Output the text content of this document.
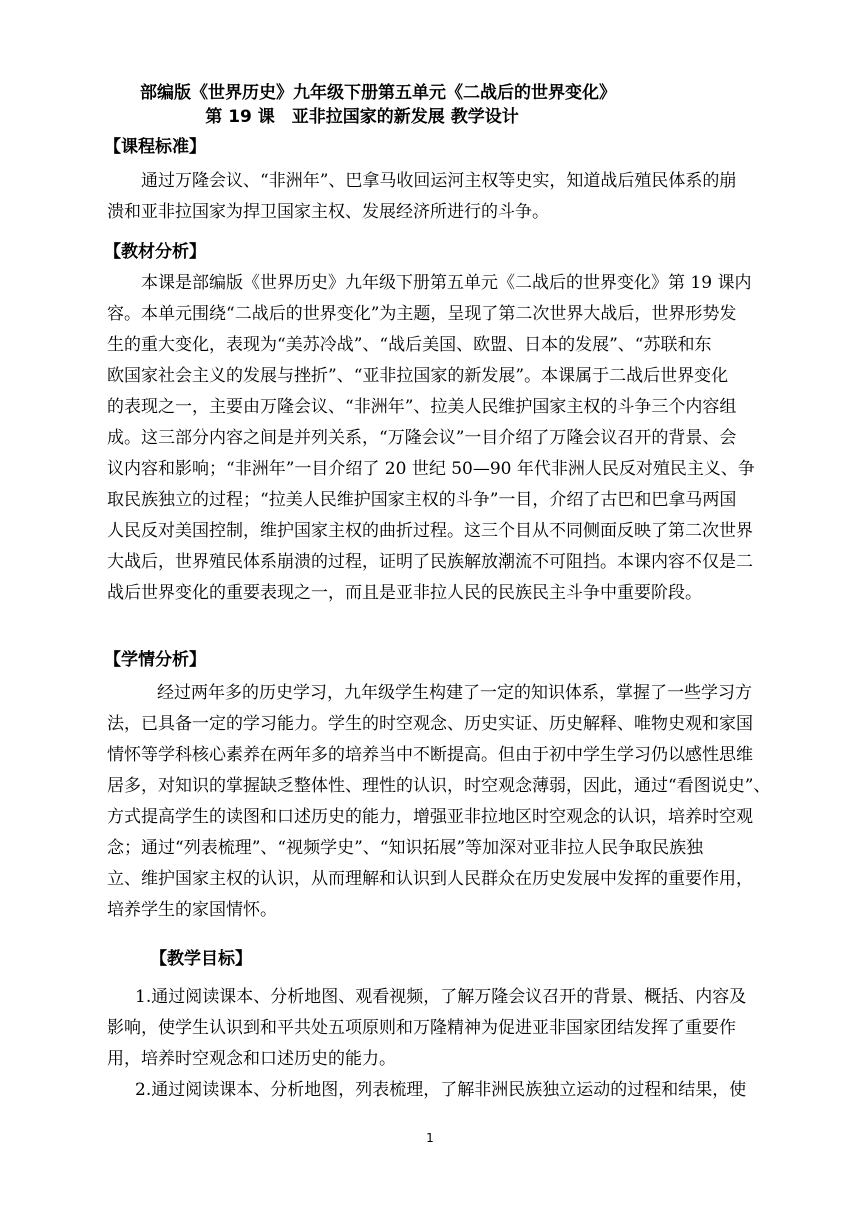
部编版《世界历史》九年级下册第五单元《二战后的世界变化》
第 19 课　亚非拉国家的新发展 教学设计
【课程标准】
通过万隆会议、“非洲年”、巴拿马收回运河主权等史实，知道战后殖民体系的崩
溃和亚非拉国家为捍卫国家主权、发展经济所进行的斗争。
【教材分析】
本课是部编版《世界历史》九年级下册第五单元《二战后的世界变化》第 19 课内
容。本单元围绕“二战后的世界变化”为主题，呈现了第二次世界大战后，世界形势发
生的重大变化，表现为“美苏冷战”、“战后美国、欧盟、日本的发展”、“苏联和东
欧国家社会主义的发展与挫折”、“亚非拉国家的新发展”。本课属于二战后世界变化
的表现之一，主要由万隆会议、“非洲年”、拉美人民维护国家主权的斗争三个内容组
成。这三部分内容之间是并列关系，“万隆会议”一目介绍了万隆会议召开的背景、会
议内容和影响；“非洲年”一目介绍了 20 世纪 50—90 年代非洲人民反对殖民主义、争
取民族独立的过程；“拉美人民维护国家主权的斗争”一目，介绍了古巴和巴拿马两国
人民反对美国控制，维护国家主权的曲折过程。这三个目从不同侧面反映了第二次世界
大战后，世界殖民体系崩溃的过程，证明了民族解放潮流不可阻挡。本课内容不仅是二
战后世界变化的重要表现之一，而且是亚非拉人民的民族民主斗争中重要阶段。
【学情分析】
经过两年多的历史学习，九年级学生构建了一定的知识体系，掌握了一些学习方
法，已具备一定的学习能力。学生的时空观念、历史实证、历史解释、唯物史观和家国
情怀等学科核心素养在两年多的培养当中不断提高。但由于初中学生学习仍以感性思维
居多，对知识的掌握缺乏整体性、理性的认识，时空观念薄弱，因此，通过“看图说史”、
方式提高学生的读图和口述历史的能力，增强亚非拉地区时空观念的认识，培养时空观
念；通过“列表梳理”、“视频学史”、“知识拓展”等加深对亚非拉人民争取民族独
立、维护国家主权的认识，从而理解和认识到人民群众在历史发展中发挥的重要作用，
培养学生的家国情怀。
【教学目标】
1.通过阅读课本、分析地图、观看视频，了解万隆会议召开的背景、概括、内容及
影响，使学生认识到和平共处五项原则和万隆精神为促进亚非国家团结发挥了重要作
用，培养时空观念和口述历史的能力。
2.通过阅读课本、分析地图，列表梳理，了解非洲民族独立运动的过程和结果，使
1
